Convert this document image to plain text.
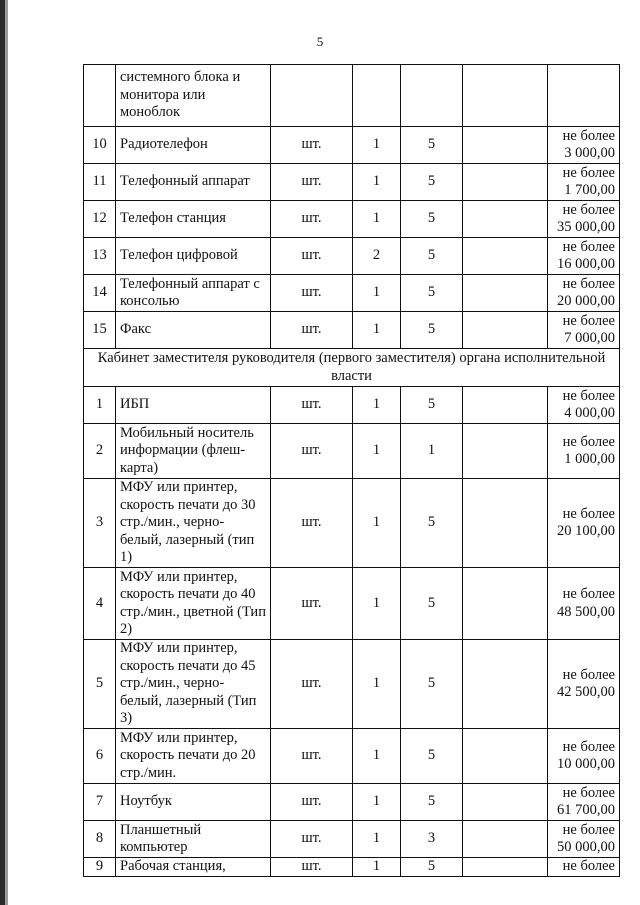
5
	системного блока и монитора или моноблок					
10	Радиотелефон	шт.	1	5		не более 3 000,00
11	Телефонный аппарат	шт.	1	5		не более 1 700,00
12	Телефон станция	шт.	1	5		не более 35 000,00
13	Телефон цифровой	шт.	2	5		не более 16 000,00
14	Телефонный аппарат с консолью	шт.	1	5		не более 20 000,00
15	Факс	шт.	1	5		не более 7 000,00
Кабинет заместителя руководителя (первого заместителя) органа исполнительной власти						
1	ИБП	шт.	1	5		не более 4 000,00
2	Мобильный носитель информации (флеш-карта)	шт.	1	1		не более 1 000,00
3	МФУ или принтер, скорость печати до 30 стр./мин., черно-белый, лазерный (тип 1)	шт.	1	5		не более 20 100,00
4	МФУ или принтер, скорость печати до 40 стр./мин., цветной (Тип 2)	шт.	1	5		не более 48 500,00
5	МФУ или принтер, скорость печати до 45 стр./мин., черно-белый, лазерный (Тип 3)	шт.	1	5		не более 42 500,00
6	МФУ или принтер, скорость печати до 20 стр./мин.	шт.	1	5		не более 10 000,00
7	Ноутбук	шт.	1	5		не более 61 700,00
8	Планшетный компьютер	шт.	1	3		не более 50 000,00
9	Рабочая станция,	шт.	1	5		не более
